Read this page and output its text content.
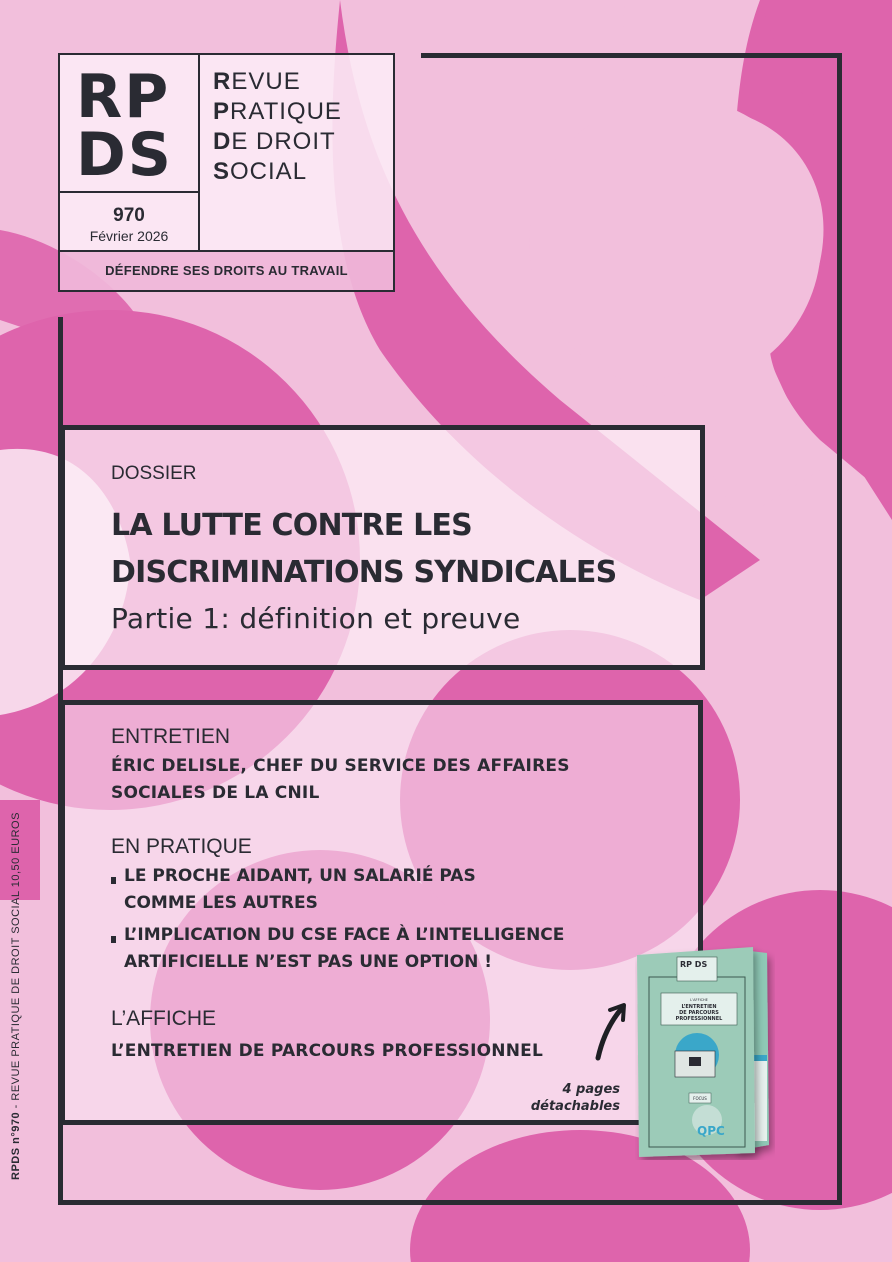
RP
DS
970
Février 2026
REVUE
PRATIQUE
DE DROIT
SOCIAL
DÉFENDRE SES DROITS AU TRAVAIL
DOSSIER
LA LUTTE CONTRE LES
DISCRIMINATIONS SYNDICALES
Partie 1: définition et preuve
ENTRETIEN
ÉRIC DELISLE, CHEF DU SERVICE DES AFFAIRES
SOCIALES DE LA CNIL
EN PRATIQUE
LE PROCHE AIDANT, UN SALARIÉ PAS
COMME LES AUTRES
L’IMPLICATION DU CSE FACE À L’INTELLIGENCE
ARTIFICIELLE N’EST PAS UNE OPTION !
L’AFFICHE
L’ENTRETIEN DE PARCOURS PROFESSIONNEL
4 pages
détachables
RP DS
L’AFFICHE
L’ENTRETIEN
DE PARCOURS
PROFESSIONNEL
FOCUS
QPC
RPDS n°970 - REVUE PRATIQUE DE DROIT SOCIAL 10,50 EUROS
